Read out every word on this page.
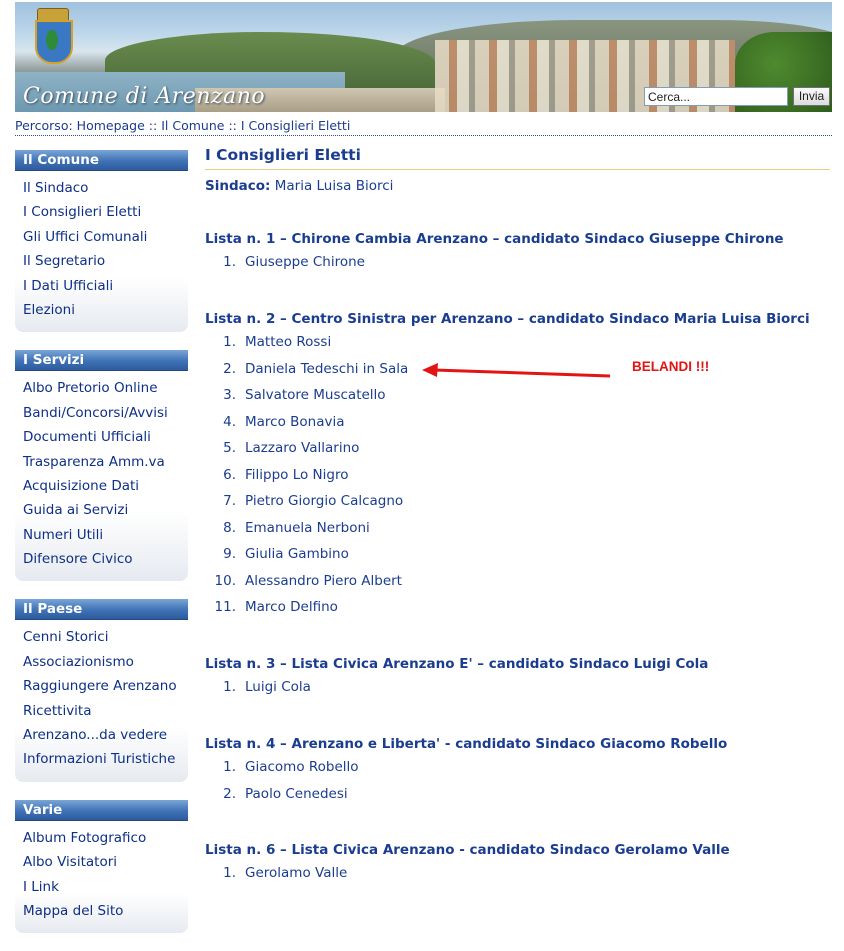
Comune di Arenzano
Cerca...	Invia
Percorso: Homepage :: Il Comune :: I Consiglieri Eletti
Il Comune
Il Sindaco
I Consiglieri Eletti
Gli Uffici Comunali
Il Segretario
I Dati Ufficiali
Elezioni
I Servizi
Albo Pretorio Online
Bandi/Concorsi/Avvisi
Documenti Ufficiali
Trasparenza Amm.va
Acquisizione Dati
Guida ai Servizi
Numeri Utili
Difensore Civico
Il Paese
Cenni Storici
Associazionismo
Raggiungere Arenzano
Ricettivita
Arenzano...da vedere
Informazioni Turistiche
Varie
Album Fotografico
Albo Visitatori
I Link
Mappa del Sito
I Consiglieri Eletti
Sindaco: Maria Luisa Biorci
Lista n. 1 – Chirone Cambia Arenzano – candidato Sindaco Giuseppe Chirone
1. Giuseppe Chirone
Lista n. 2 – Centro Sinistra per Arenzano – candidato Sindaco Maria Luisa Biorci
1. Matteo Rossi
2. Daniela Tedeschi in Sala
3. Salvatore Muscatello
4. Marco Bonavia
5. Lazzaro Vallarino
6. Filippo Lo Nigro
7. Pietro Giorgio Calcagno
8. Emanuela Nerboni
9. Giulia Gambino
10. Alessandro Piero Albert
11. Marco Delfino
Lista n. 3 – Lista Civica Arenzano E' – candidato Sindaco Luigi Cola
1. Luigi Cola
Lista n. 4 – Arenzano e Liberta' - candidato Sindaco Giacomo Robello
1. Giacomo Robello
2. Paolo Cenedesi
Lista n. 6 – Lista Civica Arenzano - candidato Sindaco Gerolamo Valle
1. Gerolamo Valle
BELANDI !!!
